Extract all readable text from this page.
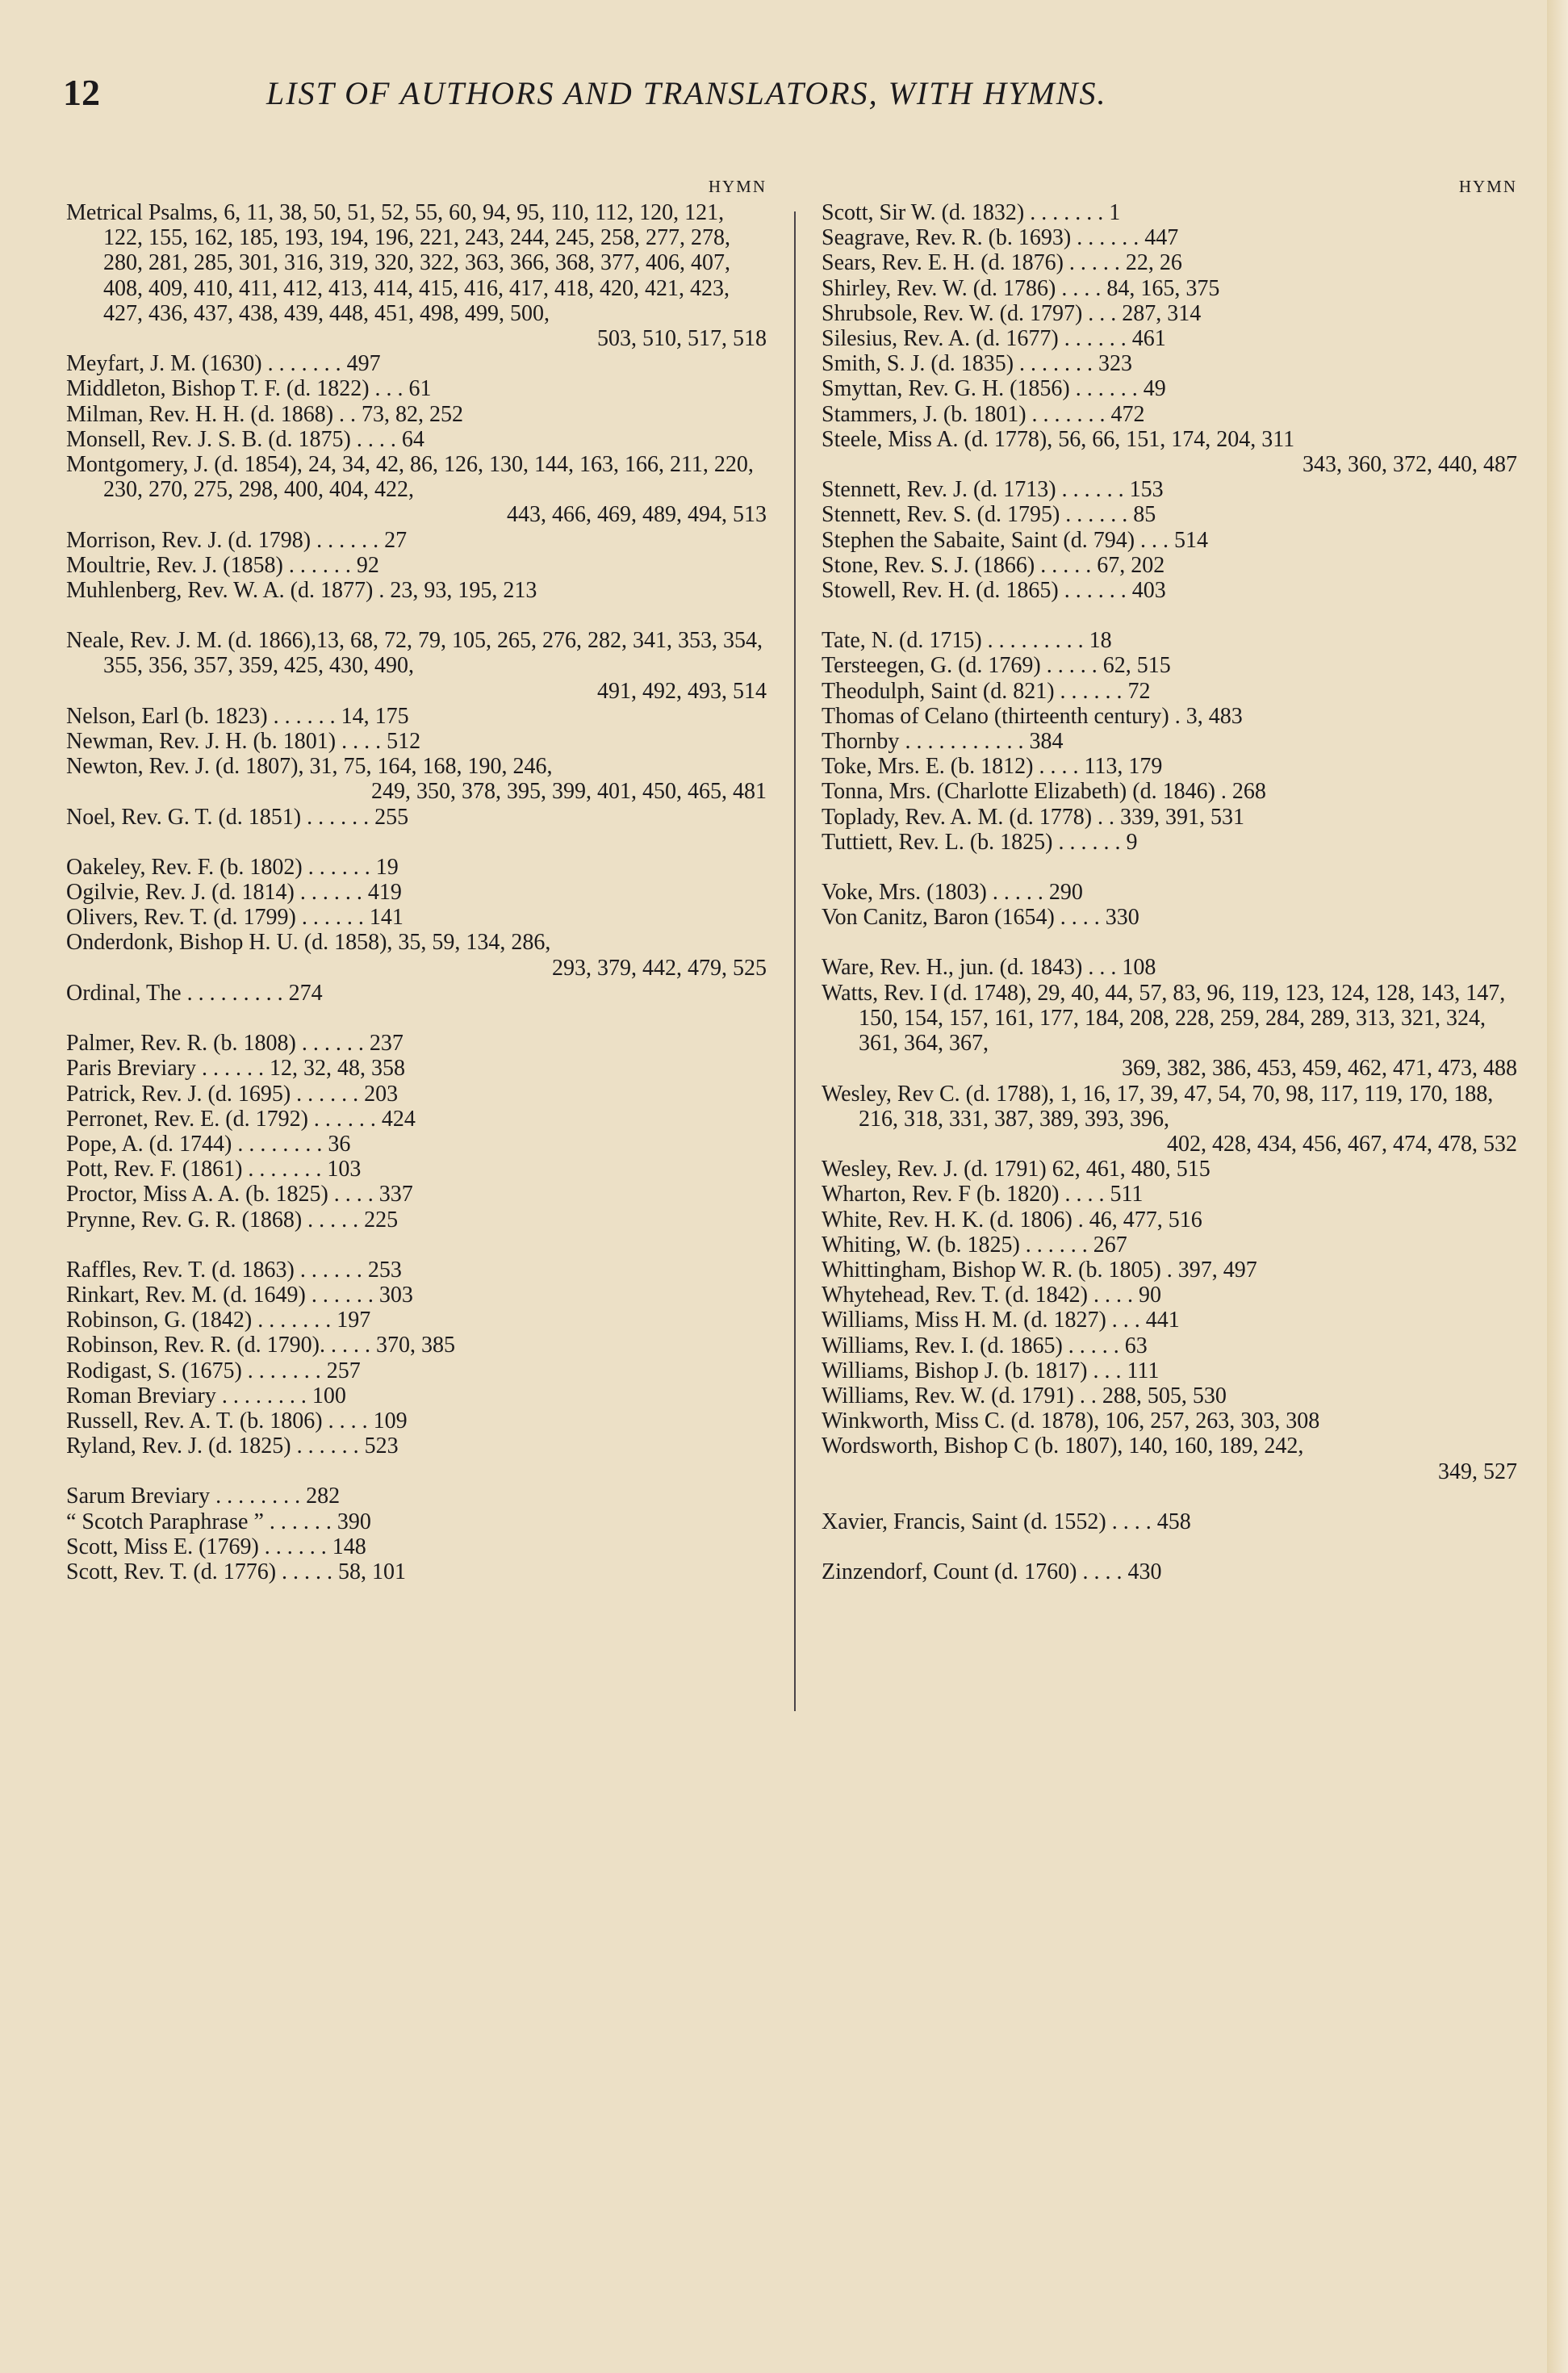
12	LIST OF AUTHORS AND TRANSLATORS, WITH HYMNS.
HYMN
Metrical Psalms, 6, 11, 38, 50, 51, 52, 55, 60, 94, 95, 110, 112, 120, 121, 122, 155, 162, 185, 193, 194, 196, 221, 243, 244, 245, 258, 277, 278, 280, 281, 285, 301, 316, 319, 320, 322, 363, 366, 368, 377, 406, 407, 408, 409, 410, 411, 412, 413, 414, 415, 416, 417, 418, 420, 421, 423, 427, 436, 437, 438, 439, 448, 451, 498, 499, 500,
503, 510, 517, 518
Meyfart, J. M. (1630) . . . . . . . 497
Middleton, Bishop T. F. (d. 1822) . . . 61
Milman, Rev. H. H. (d. 1868) . . 73, 82, 252
Monsell, Rev. J. S. B. (d. 1875) . . . . 64
Montgomery, J. (d. 1854), 24, 34, 42, 86, 126, 130, 144, 163, 166, 211, 220, 230, 270, 275, 298, 400, 404, 422,
443, 466, 469, 489, 494, 513
Morrison, Rev. J. (d. 1798) . . . . . . 27
Moultrie, Rev. J. (1858) . . . . . . 92
Muhlenberg, Rev. W. A. (d. 1877) . 23, 93, 195, 213
Neale, Rev. J. M. (d. 1866),13, 68, 72, 79, 105, 265, 276, 282, 341, 353, 354, 355, 356, 357, 359, 425, 430, 490,
491, 492, 493, 514
Nelson, Earl (b. 1823) . . . . . . 14, 175
Newman, Rev. J. H. (b. 1801) . . . . 512
Newton, Rev. J. (d. 1807), 31, 75, 164, 168, 190, 246,
249, 350, 378, 395, 399, 401, 450, 465, 481
Noel, Rev. G. T. (d. 1851) . . . . . . 255
Oakeley, Rev. F. (b. 1802) . . . . . . 19
Ogilvie, Rev. J. (d. 1814) . . . . . . 419
Olivers, Rev. T. (d. 1799) . . . . . . 141
Onderdonk, Bishop H. U. (d. 1858), 35, 59, 134, 286,
293, 379, 442, 479, 525
Ordinal, The . . . . . . . . . 274
Palmer, Rev. R. (b. 1808) . . . . . . 237
Paris Breviary . . . . . . 12, 32, 48, 358
Patrick, Rev. J. (d. 1695) . . . . . . 203
Perronet, Rev. E. (d. 1792) . . . . . . 424
Pope, A. (d. 1744) . . . . . . . . 36
Pott, Rev. F. (1861) . . . . . . . 103
Proctor, Miss A. A. (b. 1825) . . . . 337
Prynne, Rev. G. R. (1868) . . . . . 225
Raffles, Rev. T. (d. 1863) . . . . . . 253
Rinkart, Rev. M. (d. 1649) . . . . . . 303
Robinson, G. (1842) . . . . . . . 197
Robinson, Rev. R. (d. 1790). . . . . 370, 385
Rodigast, S. (1675) . . . . . . . 257
Roman Breviary . . . . . . . . 100
Russell, Rev. A. T. (b. 1806) . . . . 109
Ryland, Rev. J. (d. 1825) . . . . . . 523
Sarum Breviary . . . . . . . . 282
“ Scotch Paraphrase ” . . . . . . 390
Scott, Miss E. (1769) . . . . . . 148
Scott, Rev. T. (d. 1776) . . . . . 58, 101
HYMN
Scott, Sir W. (d. 1832) . . . . . . . 1
Seagrave, Rev. R. (b. 1693) . . . . . . 447
Sears, Rev. E. H. (d. 1876) . . . . . 22, 26
Shirley, Rev. W. (d. 1786) . . . . 84, 165, 375
Shrubsole, Rev. W. (d. 1797) . . . 287, 314
Silesius, Rev. A. (d. 1677) . . . . . . 461
Smith, S. J. (d. 1835) . . . . . . . 323
Smyttan, Rev. G. H. (1856) . . . . . . 49
Stammers, J. (b. 1801) . . . . . . . 472
Steele, Miss A. (d. 1778), 56, 66, 151, 174, 204, 311
343, 360, 372, 440, 487
Stennett, Rev. J. (d. 1713) . . . . . . 153
Stennett, Rev. S. (d. 1795) . . . . . . 85
Stephen the Sabaite, Saint (d. 794) . . . 514
Stone, Rev. S. J. (1866) . . . . . 67, 202
Stowell, Rev. H. (d. 1865) . . . . . . 403
Tate, N. (d. 1715) . . . . . . . . . 18
Tersteegen, G. (d. 1769) . . . . . 62, 515
Theodulph, Saint (d. 821) . . . . . . 72
Thomas of Celano (thirteenth century) . 3, 483
Thornby . . . . . . . . . . . 384
Toke, Mrs. E. (b. 1812) . . . . 113, 179
Tonna, Mrs. (Charlotte Elizabeth) (d. 1846) . 268
Toplady, Rev. A. M. (d. 1778) . . 339, 391, 531
Tuttiett, Rev. L. (b. 1825) . . . . . . 9
Voke, Mrs. (1803) . . . . . 290
Von Canitz, Baron (1654) . . . . 330
Ware, Rev. H., jun. (d. 1843) . . . 108
Watts, Rev. I (d. 1748), 29, 40, 44, 57, 83, 96, 119, 123, 124, 128, 143, 147, 150, 154, 157, 161, 177, 184, 208, 228, 259, 284, 289, 313, 321, 324, 361, 364, 367,
369, 382, 386, 453, 459, 462, 471, 473, 488
Wesley, Rev C. (d. 1788), 1, 16, 17, 39, 47, 54, 70, 98, 117, 119, 170, 188, 216, 318, 331, 387, 389, 393, 396,
402, 428, 434, 456, 467, 474, 478, 532
Wesley, Rev. J. (d. 1791) 62, 461, 480, 515
Wharton, Rev. F (b. 1820) . . . . 511
White, Rev. H. K. (d. 1806) . 46, 477, 516
Whiting, W. (b. 1825) . . . . . . 267
Whittingham, Bishop W. R. (b. 1805) . 397, 497
Whytehead, Rev. T. (d. 1842) . . . . 90
Williams, Miss H. M. (d. 1827) . . . 441
Williams, Rev. I. (d. 1865) . . . . . 63
Williams, Bishop J. (b. 1817) . . . 111
Williams, Rev. W. (d. 1791) . . 288, 505, 530
Winkworth, Miss C. (d. 1878), 106, 257, 263, 303, 308
Wordsworth, Bishop C (b. 1807), 140, 160, 189, 242,
349, 527
Xavier, Francis, Saint (d. 1552) . . . . 458
Zinzendorf, Count (d. 1760) . . . . 430
